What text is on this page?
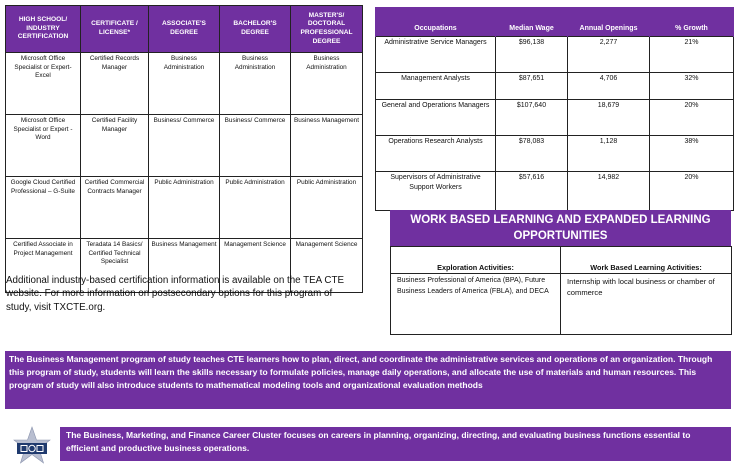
HIGH SCHOOL/ INDUSTRY CERTIFICATION	CERTIFICATE / LICENSE*	ASSOCIATE'S DEGREE	BACHELOR'S DEGREE	MASTER'S/ DOCTORAL PROFESSIONAL DEGREE
Microsoft Office Specialist or Expert- Excel	Certified Records Manager	Business Administration	Business Administration	Business Administration
Microsoft Office Specialist or Expert - Word	Certified Facility Manager	Business/ Commerce	Business/ Commerce	Business Management
Google Cloud Certified Professional – G-Suite	Certified Commercial Contracts Manager	Public Administration	Public Administration	Public Administration
Certified Associate in Project Management	Teradata 14 Basics/ Certified Technical Specialist	Business Management	Management Science	Management Science
Additional industry-based certification information is available on the TEA CTE website. For more information on postsecondary options for this program of study, visit TXCTE.org.
Occupations	Median Wage	Annual Openings	% Growth
Administrative Service Managers	$96,138	2,277	21%
Management Analysts	$87,651	4,706	32%
General and Operations Managers	$107,640	18,679	20%
Operations Research Analysts	$78,083	1,128	38%
Supervisors of Administrative Support Workers	$57,616	14,982	20%
WORK BASED LEARNING AND EXPANDED LEARNING OPPORTUNITIES
Exploration Activities:	Work Based Learning Activities:
Business Professional of America (BPA), Future Business Leaders of America (FBLA), and DECA	Internship with local business or chamber of commerce
The Business Management program of study teaches CTE learners how to plan, direct, and coordinate the administrative services and operations of an organization. Through this program of study, students will learn the skills necessary to formulate policies, manage daily operations, and allocate the use of materials and human resources. This program of study will also introduce students to mathematical modeling tools and organizational evaluation methods
The Business, Marketing, and Finance Career Cluster focuses on careers in planning, organizing, directing, and evaluating business functions essential to efficient and productive business operations.
